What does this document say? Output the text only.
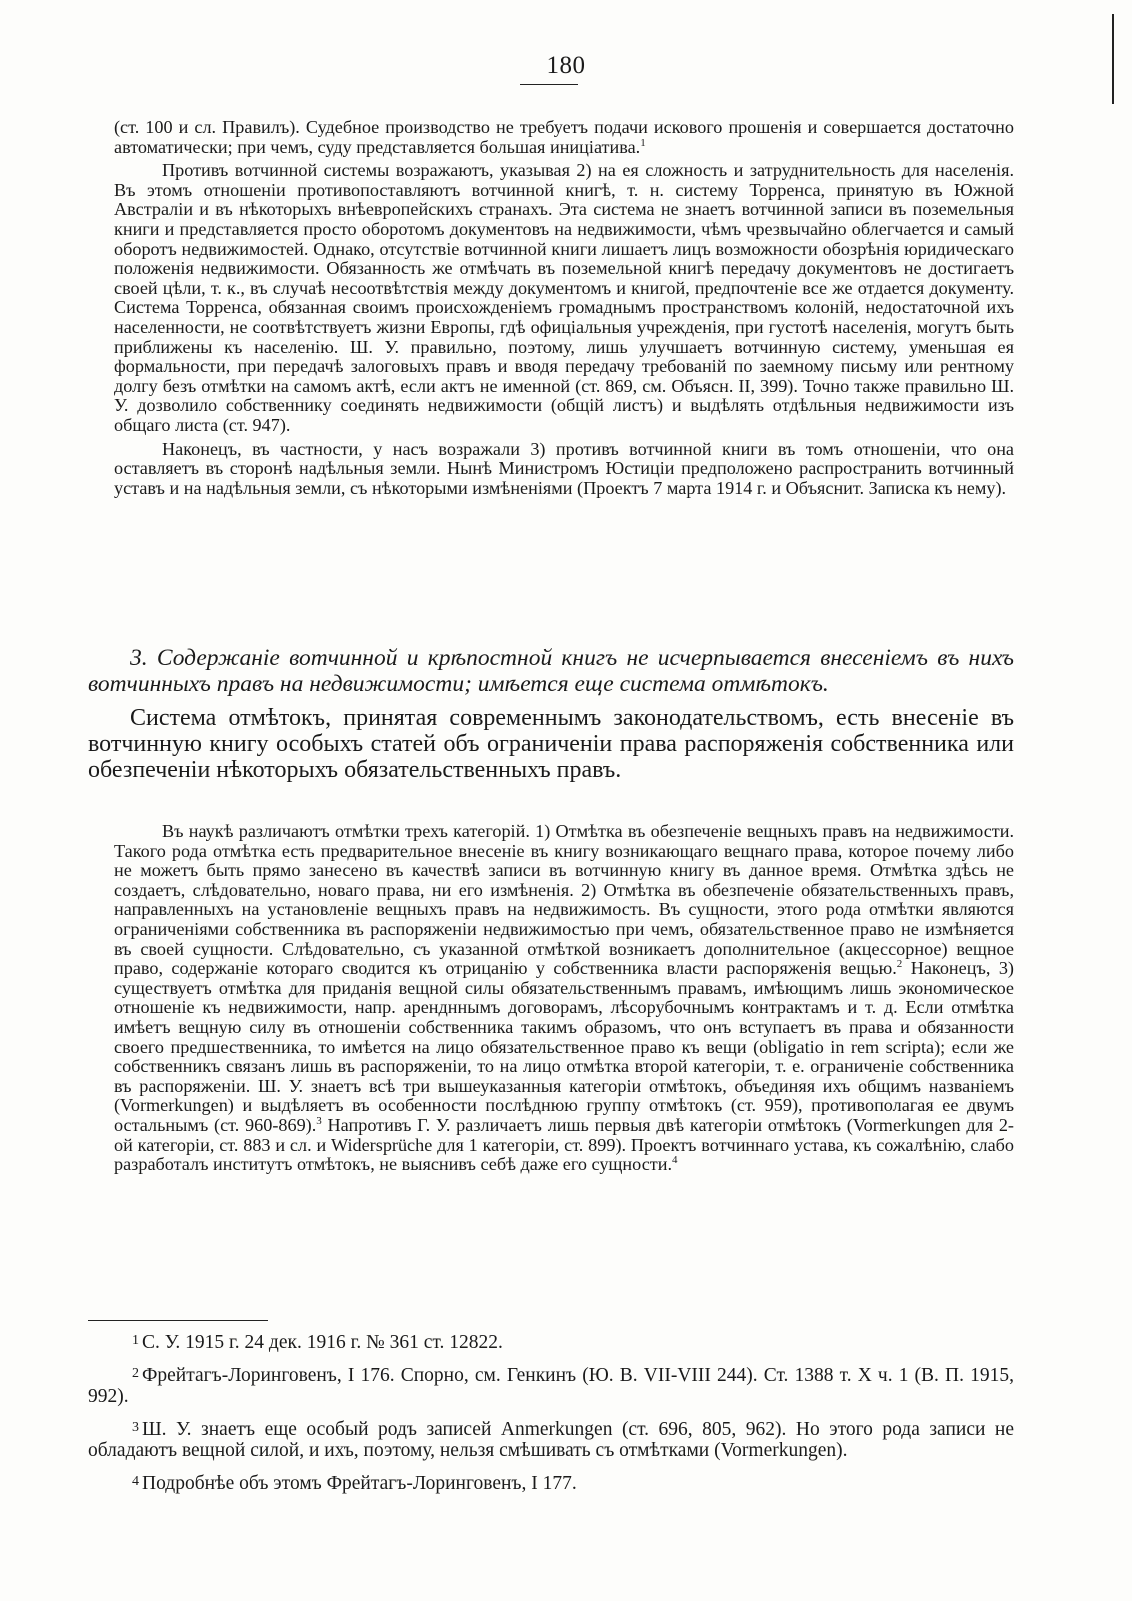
180

(ст. 100 и сл. Правилъ). Судебное производство не требуетъ подачи искового прошенія и совершается достаточно автоматически; при чемъ, суду представляется большая иниціатива.$^1$

Противъ вотчинной системы возражаютъ, указывая 2) на ея сложность и затруднительность для населенія. Въ этомъ отношеніи противопоставляютъ вотчинной книгѣ, т. н. систему Торренса, принятую въ Южной Австраліи и въ нѣкоторыхъ внѣевропейскихъ странахъ. Эта система не знаетъ вотчинной записи въ поземельныя книги и представляется просто оборотомъ документовъ на недвижимости, чѣмъ чрезвычайно облегчается и самый оборотъ недвижимостей. Однако, отсутствіе вотчинной книги лишаетъ лицъ возможности обозрѣнія юридическаго положенія недвижимости. Обязанность же отмѣчать въ поземельной книгѣ передачу документовъ не достигаетъ своей цѣли, т. к., въ случаѣ несоотвѣтствія между документомъ и книгой, предпочтеніе все же отдается документу. Система Торренса, обязанная своимъ происхожденіемъ громаднымъ пространствомъ колоній, недостаточной ихъ населенности, не соотвѣтствуетъ жизни Европы, гдѣ офиціальныя учрежденія, при густотѣ населенія, могутъ быть приближены къ населенію. Ш. У. правильно, поэтому, лишь улучшаетъ вотчинную систему, уменьшая ея формальности, при передачѣ залоговыхъ правъ и вводя передачу требованій по заемному письму или рентному долгу безъ отмѣтки на самомъ актѣ, если актъ не именной (ст. 869, см. Объясн. II, 399). Точно также правильно Ш. У. дозволило собственнику соединять недвижимости (общій листъ) и выдѣлять отдѣльныя недвижимости изъ общаго листа (ст. 947).

Наконецъ, въ частности, у насъ возражали 3) противъ вотчинной книги въ томъ отношеніи, что она оставляетъ въ сторонѣ надѣльныя земли. Нынѣ Министромъ Юстиціи предположено распространить вотчинный уставъ и на надѣльныя земли, съ нѣкоторыми измѣненіями (Проектъ 7 марта 1914 г. и Объяснит. Записка къ нему).

3. Содержаніе вотчинной и крѣпостной книгъ не исчерпывается внесеніемъ въ нихъ вотчинныхъ правъ на недвижимости; имѣется еще система отмѣтокъ.

Система отмѣтокъ, принятая современнымъ законодательствомъ, есть внесеніе въ вотчинную книгу особыхъ статей объ ограниченіи права распоряженія собственника или обезпеченіи нѣкоторыхъ обязательственныхъ правъ.

Въ наукѣ различаютъ отмѣтки трехъ категорій. 1) Отмѣтка въ обезпеченіе вещныхъ правъ на недвижимости. Такого рода отмѣтка есть предварительное внесеніе въ книгу возникающаго вещнаго права, которое почему либо не можетъ быть прямо занесено въ качествѣ записи въ вотчинную книгу въ данное время. Отмѣтка здѣсь не создаетъ, слѣдовательно, новаго права, ни его измѣненія. 2) Отмѣтка въ обезпеченіе обязательственныхъ правъ, направленныхъ на установленіе вещныхъ правъ на недвижимость. Въ сущности, этого рода отмѣтки являются ограниченіями собственника въ распоряженіи недвижимостью при чемъ, обязательственное право не измѣняется въ своей сущности. Слѣдовательно, съ указанной отмѣткой возникаетъ дополнительное (акцессорное) вещное право, содержаніе котораго сводится къ отрицанію у собственника власти распоряженія вещью.$^2$ Наконецъ, 3) существуетъ отмѣтка для приданія вещной силы обязательственнымъ правамъ, имѣющимъ лишь экономическое отношеніе къ недвижимости, напр. арендннымъ договорамъ, лѣсорубочнымъ контрактамъ и т. д. Если отмѣтка имѣетъ вещную силу въ отношеніи собственника такимъ образомъ, что онъ вступаетъ въ права и обязанности своего предшественника, то имѣется на лицо обязательственное право къ вещи (obligatio in rem scripta); если же собственникъ связанъ лишь въ распоряженіи, то на лицо отмѣтка второй категоріи, т. е. ограниченіе собственника въ распоряженіи. Ш. У. знаетъ всѣ три вышеуказанныя категоріи отмѣтокъ, объединяя ихъ общимъ названіемъ (Vormerkungen) и выдѣляетъ въ особенности послѣднюю группу отмѣтокъ (ст. 959), противополагая ее двумъ остальнымъ (ст. 960-869).$^3$ Напротивъ Г. У. различаетъ лишь первыя двѣ категоріи отмѣтокъ (Vormerkungen для 2-ой категоріи, ст. 883 и сл. и Widersprüche для 1 категоріи, ст. 899). Проектъ вотчиннаго устава, къ сожалѣнію, слабо разработалъ институтъ отмѣтокъ, не выяснивъ себѣ даже его сущности.$^4$

$^1$ С. У. 1915 г. 24 дек. 1916 г. № 361 ст. 12822.

$^2$ Фрейтагъ-Лоринговенъ, I 176. Спорно, см. Генкинъ (Ю. В. VII-VIII 244). Ст. 1388 т. X ч. 1 (В. П. 1915, 992).

$^3$ Ш. У. знаетъ еще особый родъ записей Anmerkungen (ст. 696, 805, 962). Но этого рода записи не обладаютъ вещной силой, и ихъ, поэтому, нельзя смѣшивать съ отмѣтками (Vormerkungen).

$^4$ Подробнѣе объ этомъ Фрейтагъ-Лоринговенъ, I 177.
